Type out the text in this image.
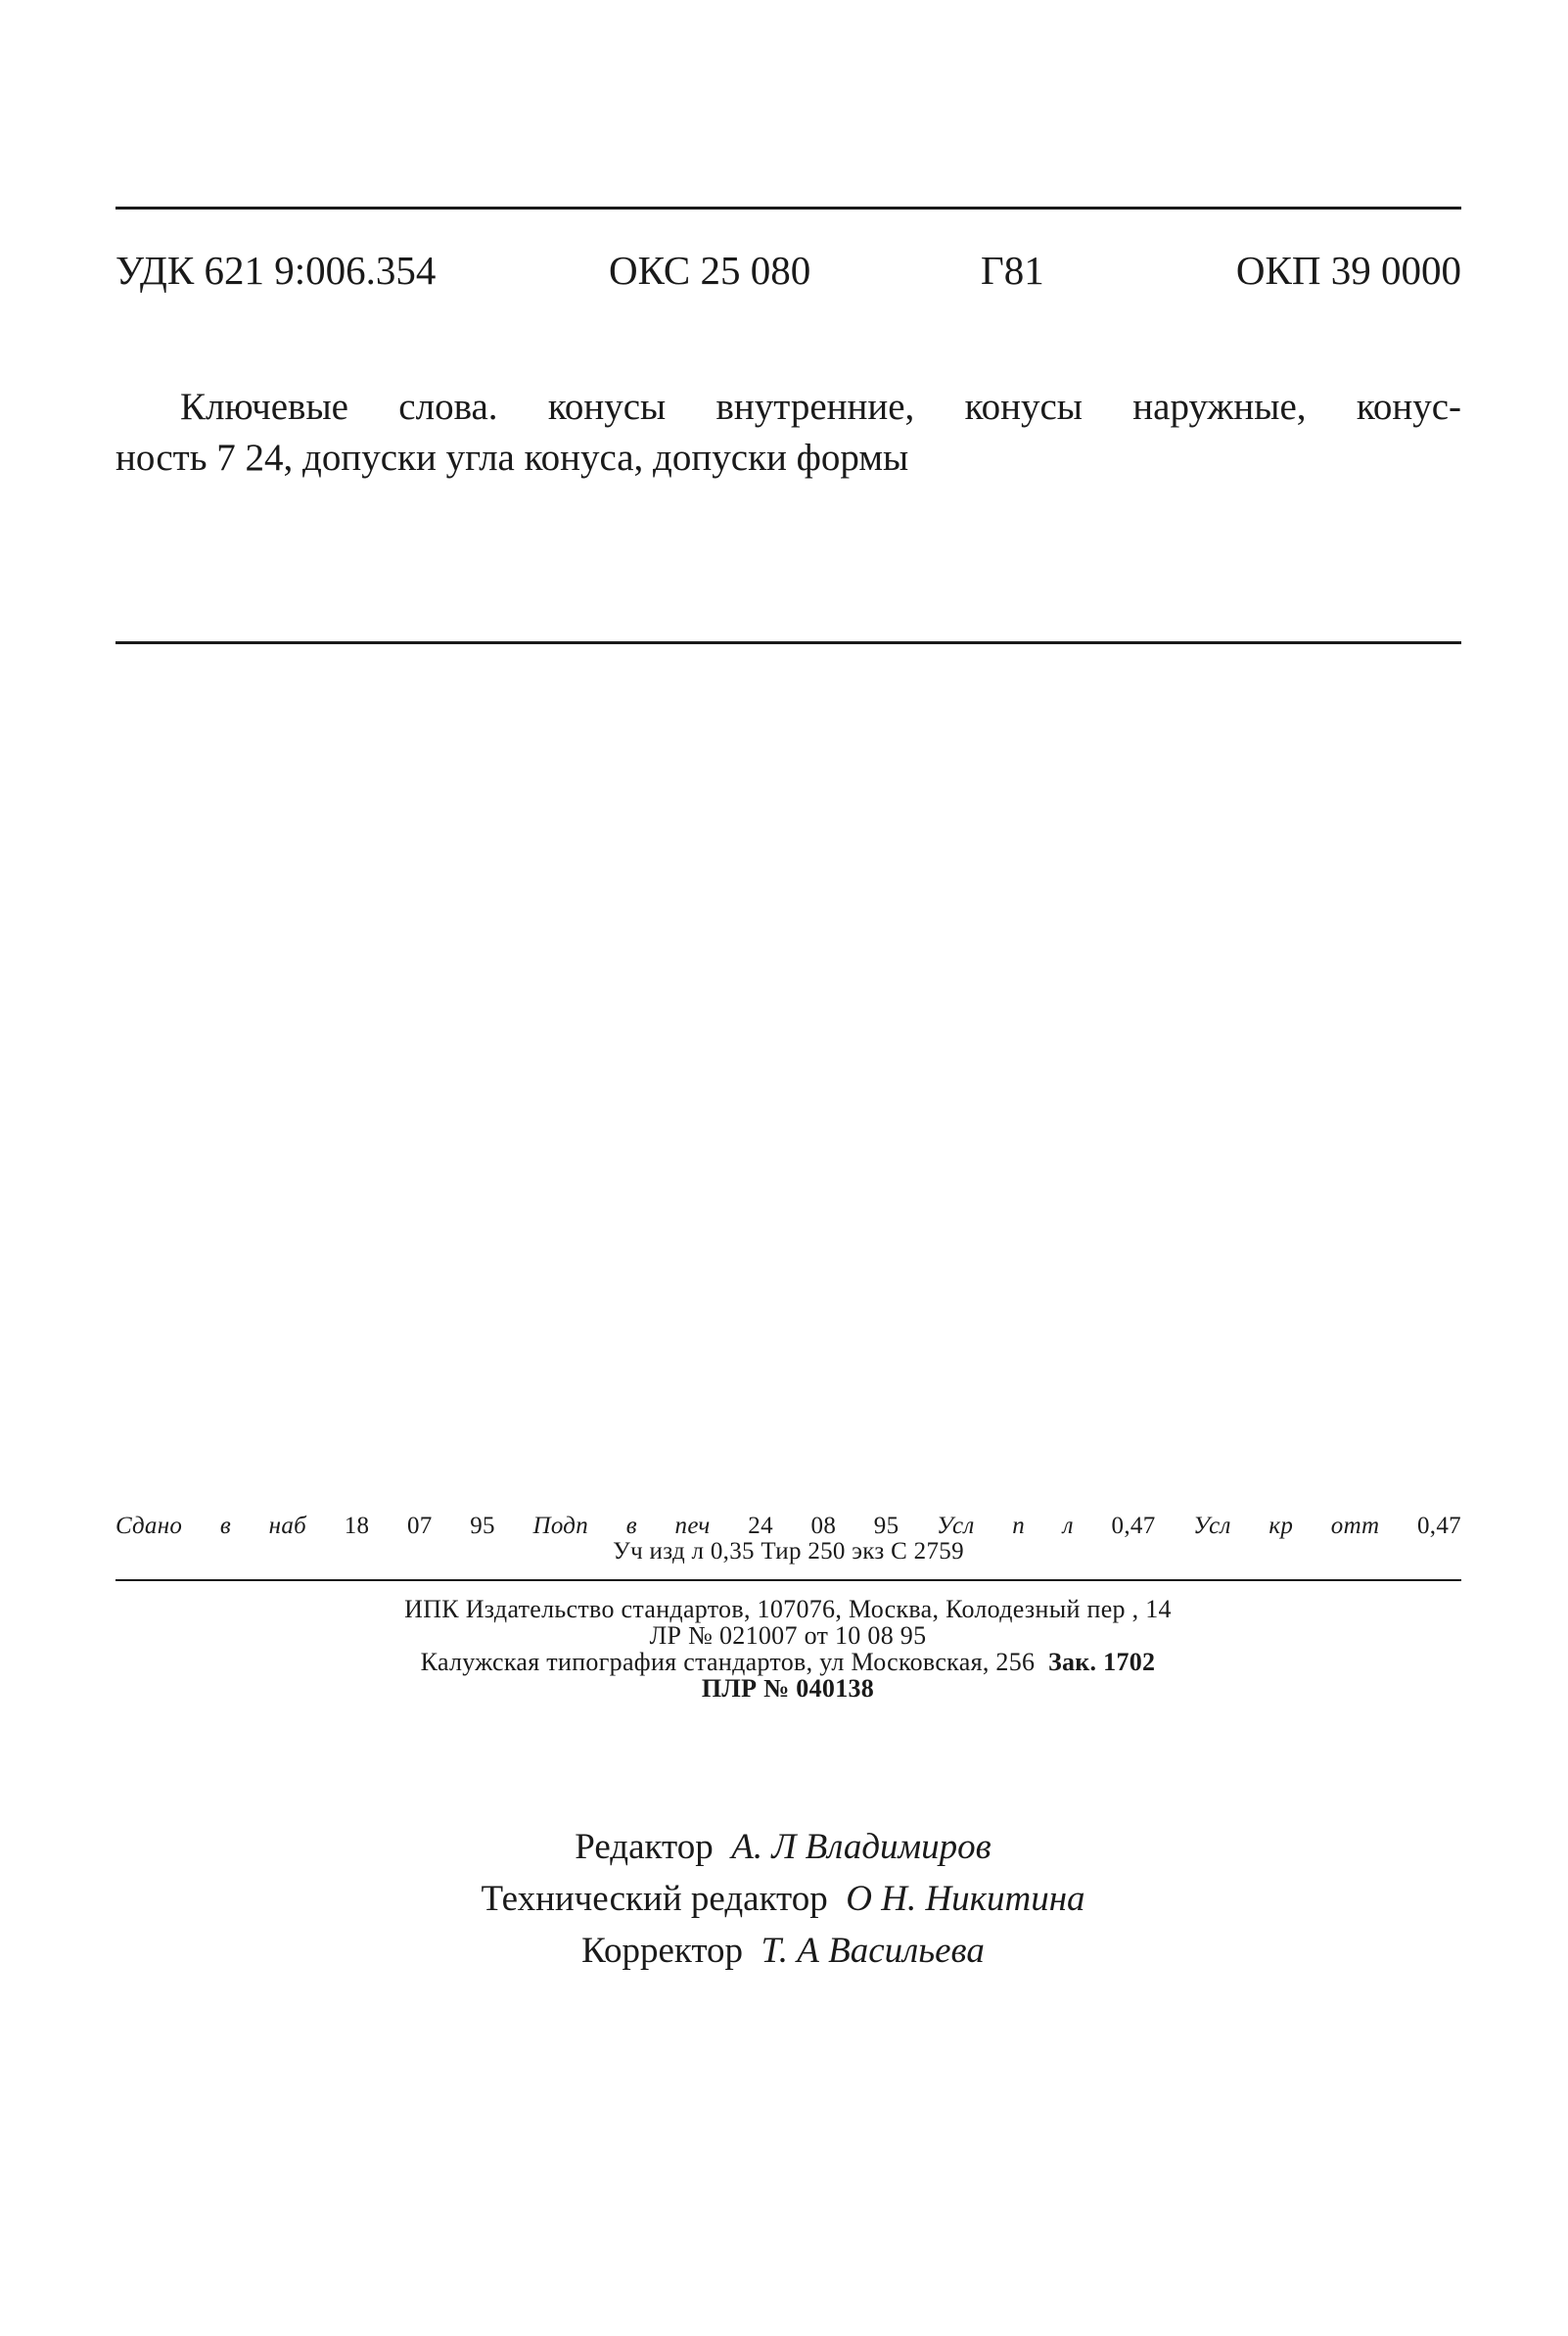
УДК 621 9:006.354	ОКС 25 080	Г81	ОКП 39 0000
Ключевые слова. конусы внутренние, конусы наружные, конус-
ность 7 24, допуски угла конуса, допуски формы
Редактор А. Л Владимиров
Технический редактор О Н. Никитина
Корректор Т. А Васильева
Сдано в наб 18 07 95 Подп в печ 24 08 95 Усл п л 0,47 Усл кр отт 0,47
Уч изд л 0,35 Тир 250 экз С 2759
ИПК Издательство стандартов, 107076, Москва, Колодезный пер , 14
ЛР № 021007 от 10 08 95
Калужская типография стандартов, ул Московская, 256 Зак. 1702
ПЛР № 040138
